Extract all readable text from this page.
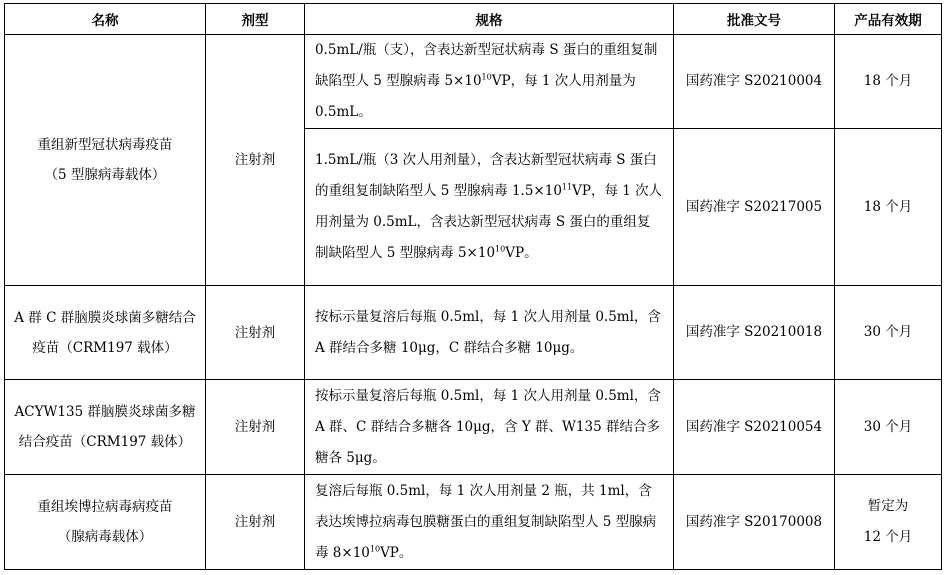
名称	剂型	规格	批准文号	产品有效期
重组新型冠状病毒疫苗
（5 型腺病毒载体）	注射剂	0.5mL/瓶（支），含表达新型冠状病毒 S 蛋白的重组复制缺陷型人 5 型腺病毒 $5\times 10^{10}VP$，每 1 次人用剂量为 0.5mL。	国药准字 S20210004	18 个月
		1.5mL/瓶（3 次人用剂量），含表达新型冠状病毒 S 蛋白的重组复制缺陷型人 5 型腺病毒 $1.5\times 10^{11}VP$，每 1 次人用剂量为 0.5mL，含表达新型冠状病毒 S 蛋白的重组复制缺陷型人 5 型腺病毒 $5\times 10^{10}VP$。	国药准字 S20217005	18 个月
A 群 C 群脑膜炎球菌多糖结合疫苗（CRM197 载体）	注射剂	按标示量复溶后每瓶 0.5ml，每 1 次人用剂量 0.5ml，含 A 群结合多糖 10μg，C 群结合多糖 10μg。	国药准字 S20210018	30 个月
ACYW135 群脑膜炎球菌多糖结合疫苗（CRM197 载体）	注射剂	按标示量复溶后每瓶 0.5ml，每 1 次人用剂量 0.5ml，含 A 群、C 群结合多糖各 10μg，含 Y 群、W135 群结合多糖各 5μg。	国药准字 S20210054	30 个月
重组埃博拉病毒病疫苗
（腺病毒载体）	注射剂	复溶后每瓶 0.5ml，每 1 次人用剂量 2 瓶，共 1ml，含表达埃博拉病毒包膜糖蛋白的重组复制缺陷型人 5 型腺病毒 $8\times 10^{10}VP$。	国药准字 S20170008	暂定为
12 个月
